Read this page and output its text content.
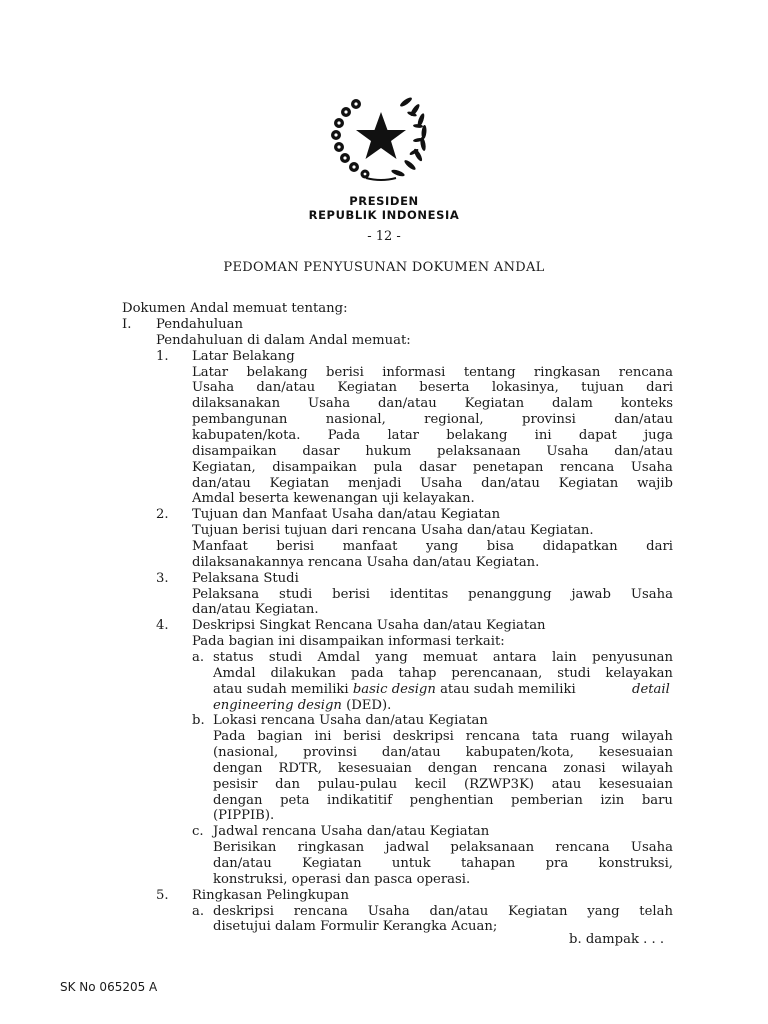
PRESIDEN
REPUBLIK INDONESIA
- 12 -
PEDOMAN PENYUSUNAN DOKUMEN ANDAL
Dokumen Andal memuat tentang:
I. Pendahuluan
Pendahuluan di dalam Andal memuat:
1. Latar Belakang
Latar belakang berisi informasi tentang ringkasan rencana
Usaha dan/atau Kegiatan beserta lokasinya, tujuan dari
dilaksanakan Usaha dan/atau Kegiatan dalam konteks
pembangunan	nasional,	regional,	provinsi	dan/atau
kabupaten/kota. Pada latar belakang ini dapat juga
disampaikan dasar hukum pelaksanaan Usaha dan/atau
Kegiatan, disampaikan pula dasar penetapan rencana Usaha
dan/atau Kegiatan menjadi Usaha dan/atau Kegiatan wajib
Amdal beserta kewenangan uji kelayakan.
2. Tujuan dan Manfaat Usaha dan/atau Kegiatan
Tujuan berisi tujuan dari rencana Usaha dan/atau Kegiatan.
Manfaat berisi manfaat yang bisa didapatkan dari
dilaksanakannya rencana Usaha dan/atau Kegiatan.
3. Pelaksana Studi
Pelaksana studi berisi identitas penanggung jawab Usaha
dan/atau Kegiatan.
4. Deskripsi Singkat Rencana Usaha dan/atau Kegiatan
Pada bagian ini disampaikan informasi terkait:
a. status studi Amdal yang memuat antara lain penyusunan
Amdal dilakukan pada tahap perencanaan, studi kelayakan
atau sudah memiliki basic design atau sudah memiliki	detail
engineering design (DED).
b. Lokasi rencana Usaha dan/atau Kegiatan
Pada bagian ini berisi deskripsi rencana tata ruang wilayah
(nasional, provinsi dan/atau kabupaten/kota, kesesuaian
dengan RDTR, kesesuaian dengan rencana zonasi wilayah
pesisir dan pulau-pulau kecil (RZWP3K) atau kesesuaian
dengan peta indikatitif penghentian pemberian izin baru
(PIPPIB).
c. Jadwal rencana Usaha dan/atau Kegiatan
Berisikan ringkasan jadwal pelaksanaan rencana Usaha
dan/atau Kegiatan untuk tahapan pra konstruksi,
konstruksi, operasi dan pasca operasi.
5. Ringkasan Pelingkupan
a. deskripsi rencana Usaha dan/atau Kegiatan yang telah
disetujui dalam Formulir Kerangka Acuan;
b. dampak . . .
SK No 065205 A
